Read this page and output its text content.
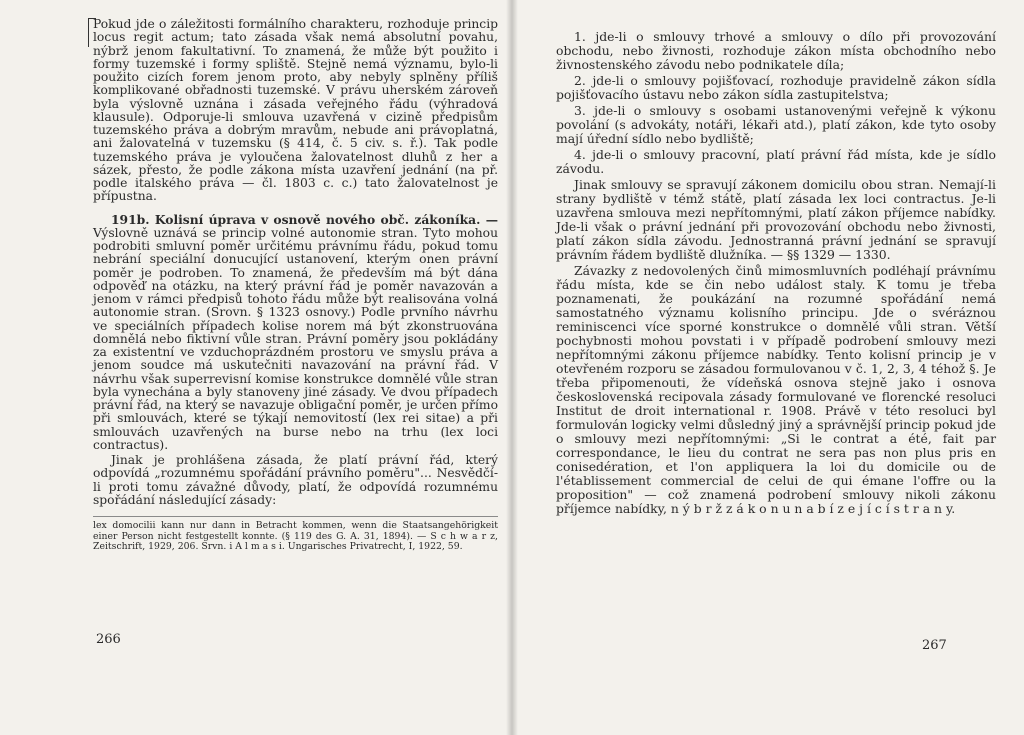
Pokud jde o záležitosti formálního charakteru, rozhoduje princip locus regit actum; tato zásada však nemá absolutní povahu, nýbrž jenom fakultativní. To znamená, že může být použito i formy tuzemské i formy spliště. Stejně nemá významu, bylo-li použito cizích forem jenom proto, aby nebyly splněny příliš komplikované obřadnosti tuzemské. V právu uherském zároveň byla výslovně uznána i zásada veřejného řádu (výhradová klausule). Odporuje-li smlouva uzavřená v cizině předpisům tuzemského práva a dobrým mravům, nebude ani právoplatná, ani žalovatelná v tuzemsku (§ 414, č. 5 civ. s. ř.). Tak podle tuzemského práva je vyloučena žalovatelnost dluhů z her a sázek, přesto, že podle zákona místa uzavření jednání (na př. podle italského práva — čl. 1803 c. c.) tato žalovatelnost je přípustna.

191b. Kolisní úprava v osnově nového obč. zákoníka. — Výslovně uznává se princip volné autonomie stran. Tyto mohou podrobiti smluvní poměr určitému právnímu řádu, pokud tomu nebrání speciální donucující ustanovení, kterým onen právní poměr je podroben. To znamená, že především má být dána odpověď na otázku, na který právní řád je poměr navazován a jenom v rámci předpisů tohoto řádu může být realisována volná autonomie stran. (Srovn. § 1323 osnovy.) Podle prvního návrhu ve speciálních případech kolise norem má být zkonstruována domnělá nebo fiktivní vůle stran. Právní poměry jsou pokládány za existentní ve vzduchoprázdném prostoru ve smyslu práva a jenom soudce má uskutečniti navazování na právní řád. V návrhu však superrevisní komise konstrukce domnělé vůle stran byla vynechána a byly stanoveny jiné zásady. Ve dvou případech právní řád, na který se navazuje obligační poměr, je určen přímo při smlouvách, které se týkají nemovitostí (lex rei sitae) a při smlouvách uzavřených na burse nebo na trhu (lex loci contractus).

Jinak je prohlášena zásada, že platí právní řád, který odpovídá „rozumnému spořádání právního poměru"... Nesvědčí-li proti tomu závažné důvody, platí, že odpovídá rozumnému spořádání následující zásady:

lex domocilii kann nur dann in Betracht kommen, wenn die Staatsangehörigkeit einer Person nicht festgestellt konnte. (§ 119 des G. A. 31, 1894). — S c h w a r z, Zeitschrift, 1929, 206. Srvn. i A l m a s i. Ungarisches Privatrecht, I, 1922, 59.
266

1. jde-li o smlouvy trhové a smlouvy o dílo při provozování obchodu, nebo živnosti, rozhoduje zákon místa obchodního nebo živnostenského závodu nebo podnikatele díla;

2. jde-li o smlouvy pojišťovací, rozhoduje pravidelně zákon sídla pojišťovacího ústavu nebo zákon sídla zastupitelstva;

3. jde-li o smlouvy s osobami ustanovenými veřejně k výkonu povolání (s advokáty, notáři, lékaři atd.), platí zákon, kde tyto osoby mají úřední sídlo nebo bydliště;

4. jde-li o smlouvy pracovní, platí právní řád místa, kde je sídlo závodu.

Jinak smlouvy se spravují zákonem domicilu obou stran. Nemají-li strany bydliště v témž státě, platí zásada lex loci contractus. Je-li uzavřena smlouva mezi nepřítomnými, platí zákon příjemce nabídky. Jde-li však o právní jednání při provozování obchodu nebo živnosti, platí zákon sídla závodu. Jednostranná právní jednání se spravují právním řádem bydliště dlužníka. — §§ 1329 — 1330.

Závazky z nedovolených činů mimosmluvních podléhají právnímu řádu místa, kde se čin nebo událost staly. K tomu je třeba poznamenati, že poukázání na rozumné spořádání nemá samostatného významu kolisního principu. Jde o svéráznou reminiscenci více sporné konstrukce o domnělé vůli stran. Větší pochybnosti mohou povstati i v případě podrobení smlouvy mezi nepřítomnými zákonu příjemce nabídky. Tento kolisní princip je v otevřeném rozporu se zásadou formulovanou v č. 1, 2, 3, 4 téhož §. Je třeba připomenouti, že vídeňská osnova stejně jako i osnova československá recipovala zásady formulované ve florencké resoluci Institut de droit international r. 1908. Právě v této resoluci byl formulován logicky velmi důsledný jiný a správnější princip pokud jde o smlouvy mezi nepřítomnými: „Si le contrat a été, fait par correspondance, le lieu du contrat ne sera pas non plus pris en conisedération, et l'on appliquera la loi du domicile ou de l'établissement commercial de celui de qui émane l'offre ou la proposition" — což znamená podrobení smlouvy nikoli zákonu příjemce nabídky, n ý b r ž z á k o n u n a b í z e j í c í s t r a n y.

267
